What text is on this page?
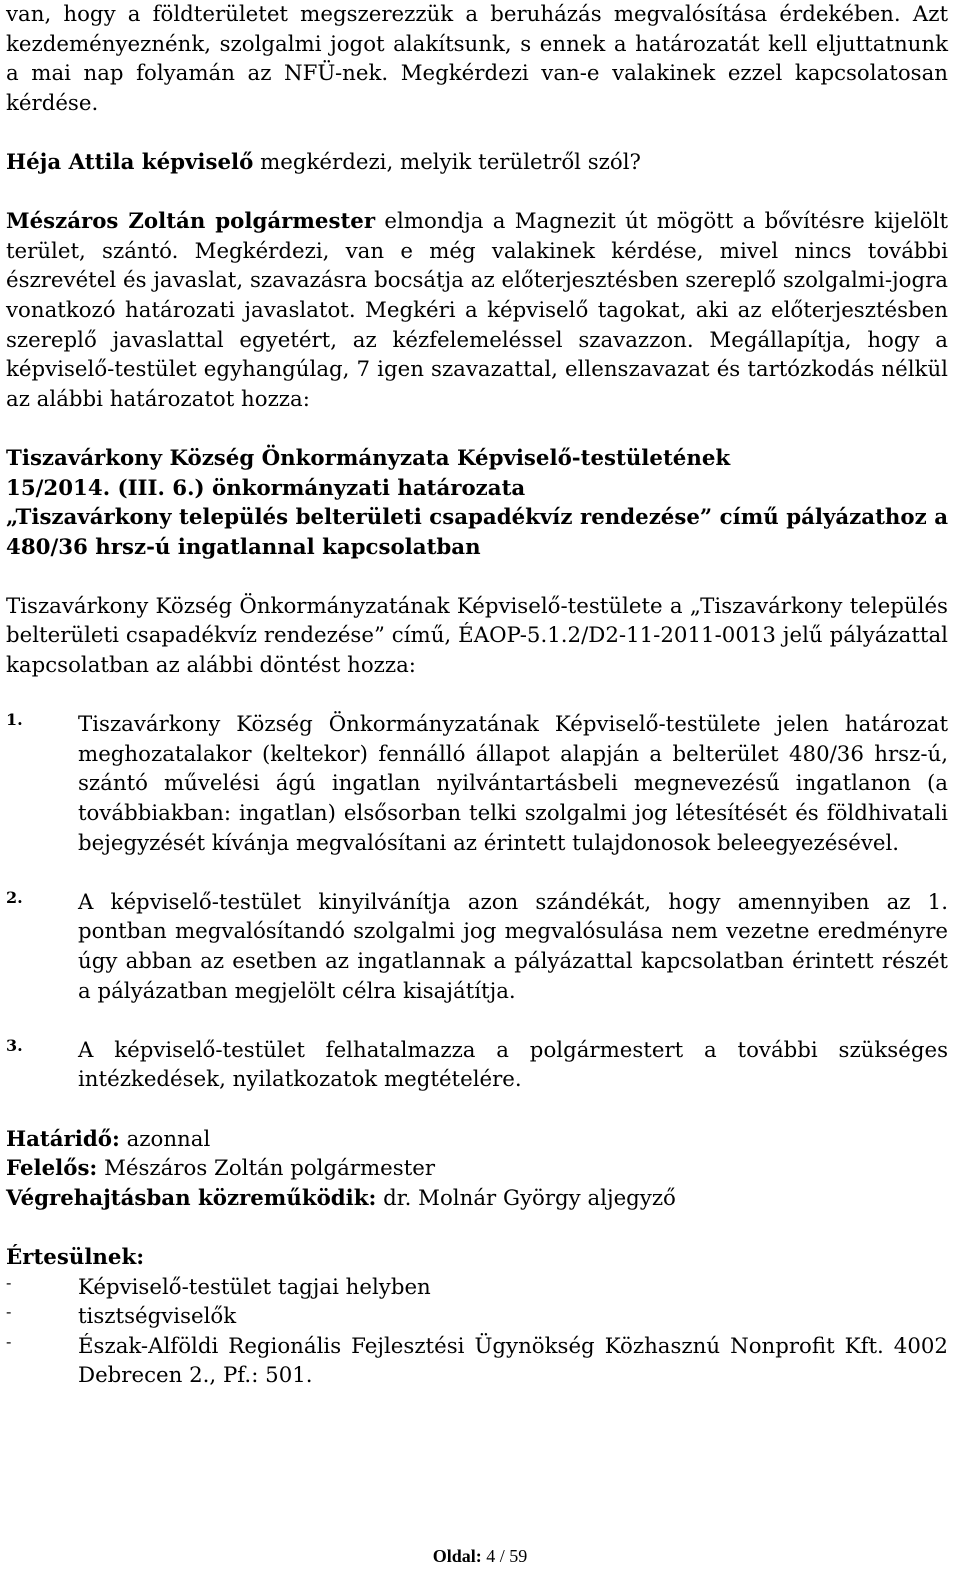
van, hogy a földterületet megszerezzük a beruházás megvalósítása érdekében. Azt kezdeményeznénk, szolgalmi jogot alakítsunk, s ennek a határozatát kell eljuttatnunk a mai nap folyamán az NFÜ-nek. Megkérdezi van-e valakinek ezzel kapcsolatosan kérdése.

Héja Attila képviselő megkérdezi, melyik területről szól?

Mészáros Zoltán polgármester elmondja a Magnezit út mögött a bővítésre kijelölt terület, szántó. Megkérdezi, van e még valakinek kérdése, mivel nincs további észrevétel és javaslat, szavazásra bocsátja az előterjesztésben szereplő szolgalmi-jogra vonatkozó határozati javaslatot. Megkéri a képviselő tagokat, aki az előterjesztésben szereplő javaslattal egyetért, az kézfelemeléssel szavazzon. Megállapítja, hogy a képviselő-testület egyhangúlag, 7 igen szavazattal, ellenszavazat és tartózkodás nélkül az alábbi határozatot hozza:

Tiszavárkony Község Önkormányzata Képviselő-testületének

15/2014. (III. 6.) önkormányzati határozata

„Tiszavárkony település belterületi csapadékvíz rendezése” című pályázathoz a 480/36 hrsz-ú ingatlannal kapcsolatban

Tiszavárkony Község Önkormányzatának Képviselő-testülete a „Tiszavárkony település belterületi csapadékvíz rendezése” című, ÉAOP-5.1.2/D2-11-2011-0013 jelű pályázattal kapcsolatban az alábbi döntést hozza:

1.	Tiszavárkony Község Önkormányzatának Képviselő-testülete jelen határozat meghozatalakor (keltekor) fennálló állapot alapján a belterület 480/36 hrsz-ú, szántó művelési ágú ingatlan nyilvántartásbeli megnevezésű ingatlanon (a továbbiakban: ingatlan) elsősorban telki szolgalmi jog létesítését és földhivatali bejegyzését kívánja megvalósítani az érintett tulajdonosok beleegyezésével.

2.	A képviselő-testület kinyilvánítja azon szándékát, hogy amennyiben az 1. pontban megvalósítandó szolgalmi jog megvalósulása nem vezetne eredményre úgy abban az esetben az ingatlannak a pályázattal kapcsolatban érintett részét a pályázatban megjelölt célra kisajátítja.

3.	A képviselő-testület felhatalmazza a polgármestert a további szükséges intézkedések, nyilatkozatok megtételére.

Határidő: azonnal

Felelős: Mészáros Zoltán polgármester

Végrehajtásban közreműködik: dr. Molnár György aljegyző

Értesülnek:

-	Képviselő-testület tagjai helyben

-	tisztségviselők

-	Észak-Alföldi Regionális Fejlesztési Ügynökség Közhasznú Nonprofit Kft. 4002 Debrecen 2., Pf.: 501.

Oldal: 4 / 59
